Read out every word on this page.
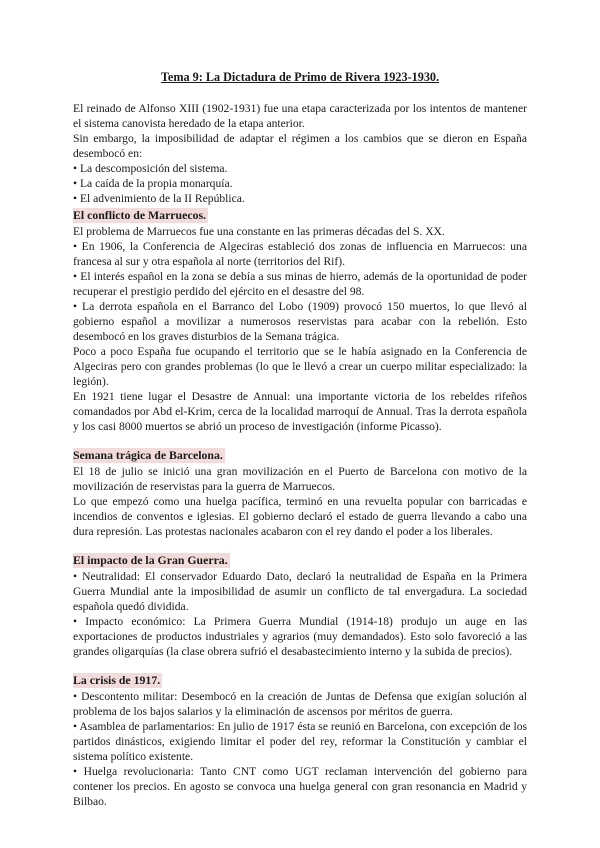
Tema 9: La Dictadura de Primo de Rivera 1923-1930.

El reinado de Alfonso XIII (1902-1931) fue una etapa caracterizada por los intentos de mantener el sistema canovista heredado de la etapa anterior.

Sin embargo, la imposibilidad de adaptar el régimen a los cambios que se dieron en España desembocó en:

• La descomposición del sistema.

• La caída de la propia monarquía.

• El advenimiento de la II República.

El conflicto de Marruecos.

El problema de Marruecos fue una constante en las primeras décadas del S. XX.

• En 1906, la Conferencia de Algeciras estableció dos zonas de influencia en Marruecos: una francesa al sur y otra española al norte (territorios del Rif).

• El interés español en la zona se debía a sus minas de hierro, además de la oportunidad de poder recuperar el prestigio perdido del ejército en el desastre del 98.

• La derrota española en el Barranco del Lobo (1909) provocó 150 muertos, lo que llevó al gobierno español a movilizar a numerosos reservistas para acabar con la rebelión. Esto desembocó en los graves disturbios de la Semana trágica.

Poco a poco España fue ocupando el territorio que se le había asignado en la Conferencia de Algeciras pero con grandes problemas (lo que le llevó a crear un cuerpo militar especializado: la legión).

En 1921 tiene lugar el Desastre de Annual: una importante victoria de los rebeldes rifeños comandados por Abd el-Krim, cerca de la localidad marroquí de Annual. Tras la derrota española y los casi 8000 muertos se abrió un proceso de investigación (informe Picasso).

Semana trágica de Barcelona.

El 18 de julio se inició una gran movilización en el Puerto de Barcelona con motivo de la movilización de reservistas para la guerra de Marruecos.

Lo que empezó como una huelga pacífica, terminó en una revuelta popular con barricadas e incendios de conventos e iglesias. El gobierno declaró el estado de guerra llevando a cabo una dura represión. Las protestas nacionales acabaron con el rey dando el poder a los liberales.

El impacto de la Gran Guerra.

• Neutralidad: El conservador Eduardo Dato, declaró la neutralidad de España en la Primera Guerra Mundial ante la imposibilidad de asumir un conflicto de tal envergadura. La sociedad española quedó dividida.

• Impacto económico: La Primera Guerra Mundial (1914-18) produjo un auge en las exportaciones de productos industriales y agrarios (muy demandados). Esto solo favoreció a las grandes oligarquías (la clase obrera sufrió el desabastecimiento interno y la subida de precios).

La crisis de 1917.

• Descontento militar: Desembocó en la creación de Juntas de Defensa que exigían solución al problema de los bajos salarios y la eliminación de ascensos por méritos de guerra.

• Asamblea de parlamentarios: En julio de 1917 ésta se reunió en Barcelona, con excepción de los partidos dinásticos, exigiendo limitar el poder del rey, reformar la Constitución y cambiar el sistema político existente.

• Huelga revolucionaria: Tanto CNT como UGT reclaman intervención del gobierno para contener los precios. En agosto se convoca una huelga general con gran resonancia en Madrid y Bilbao.
